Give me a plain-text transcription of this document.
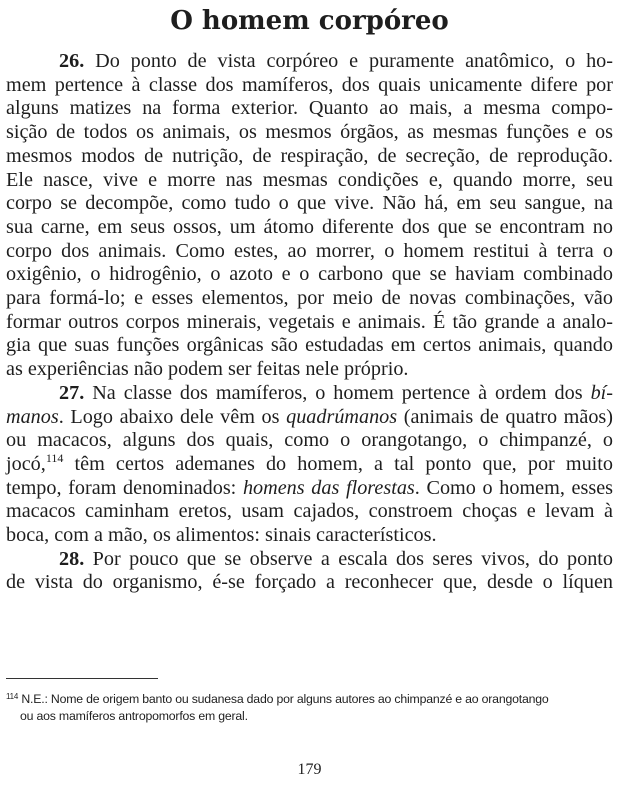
O homem corpóreo
26. Do ponto de vista corpóreo e puramente anatômico, o ho-
mem pertence à classe dos mamíferos, dos quais unicamente difere por
alguns matizes na forma exterior. Quanto ao mais, a mesma compo-
sição de todos os animais, os mesmos órgãos, as mesmas funções e os
mesmos modos de nutrição, de respiração, de secreção, de reprodução.
Ele nasce, vive e morre nas mesmas condições e, quando morre, seu
corpo se decompõe, como tudo o que vive. Não há, em seu sangue, na
sua carne, em seus ossos, um átomo diferente dos que se encontram no
corpo dos animais. Como estes, ao morrer, o homem restitui à terra o
oxigênio, o hidrogênio, o azoto e o carbono que se haviam combinado
para formá-lo; e esses elementos, por meio de novas combinações, vão
formar outros corpos minerais, vegetais e animais. É tão grande a analo-
gia que suas funções orgânicas são estudadas em certos animais, quando
as experiências não podem ser feitas nele próprio.
27. Na classe dos mamíferos, o homem pertence à ordem dos bí-
manos. Logo abaixo dele vêm os quadrúmanos (animais de quatro mãos)
ou macacos, alguns dos quais, como o orangotango, o chimpanzé, o
jocó,$^{114}$ têm certos ademanes do homem, a tal ponto que, por muito
tempo, foram denominados: homens das florestas. Como o homem, esses
macacos caminham eretos, usam cajados, constroem choças e levam à
boca, com a mão, os alimentos: sinais característicos.
28. Por pouco que se observe a escala dos seres vivos, do ponto
de vista do organismo, é-se forçado a reconhecer que, desde o líquen
$^{114}$ N.E.: Nome de origem banto ou sudanesa dado por alguns autores ao chimpanzé e ao orangotango
ou aos mamíferos antropomorfos em geral.
179
